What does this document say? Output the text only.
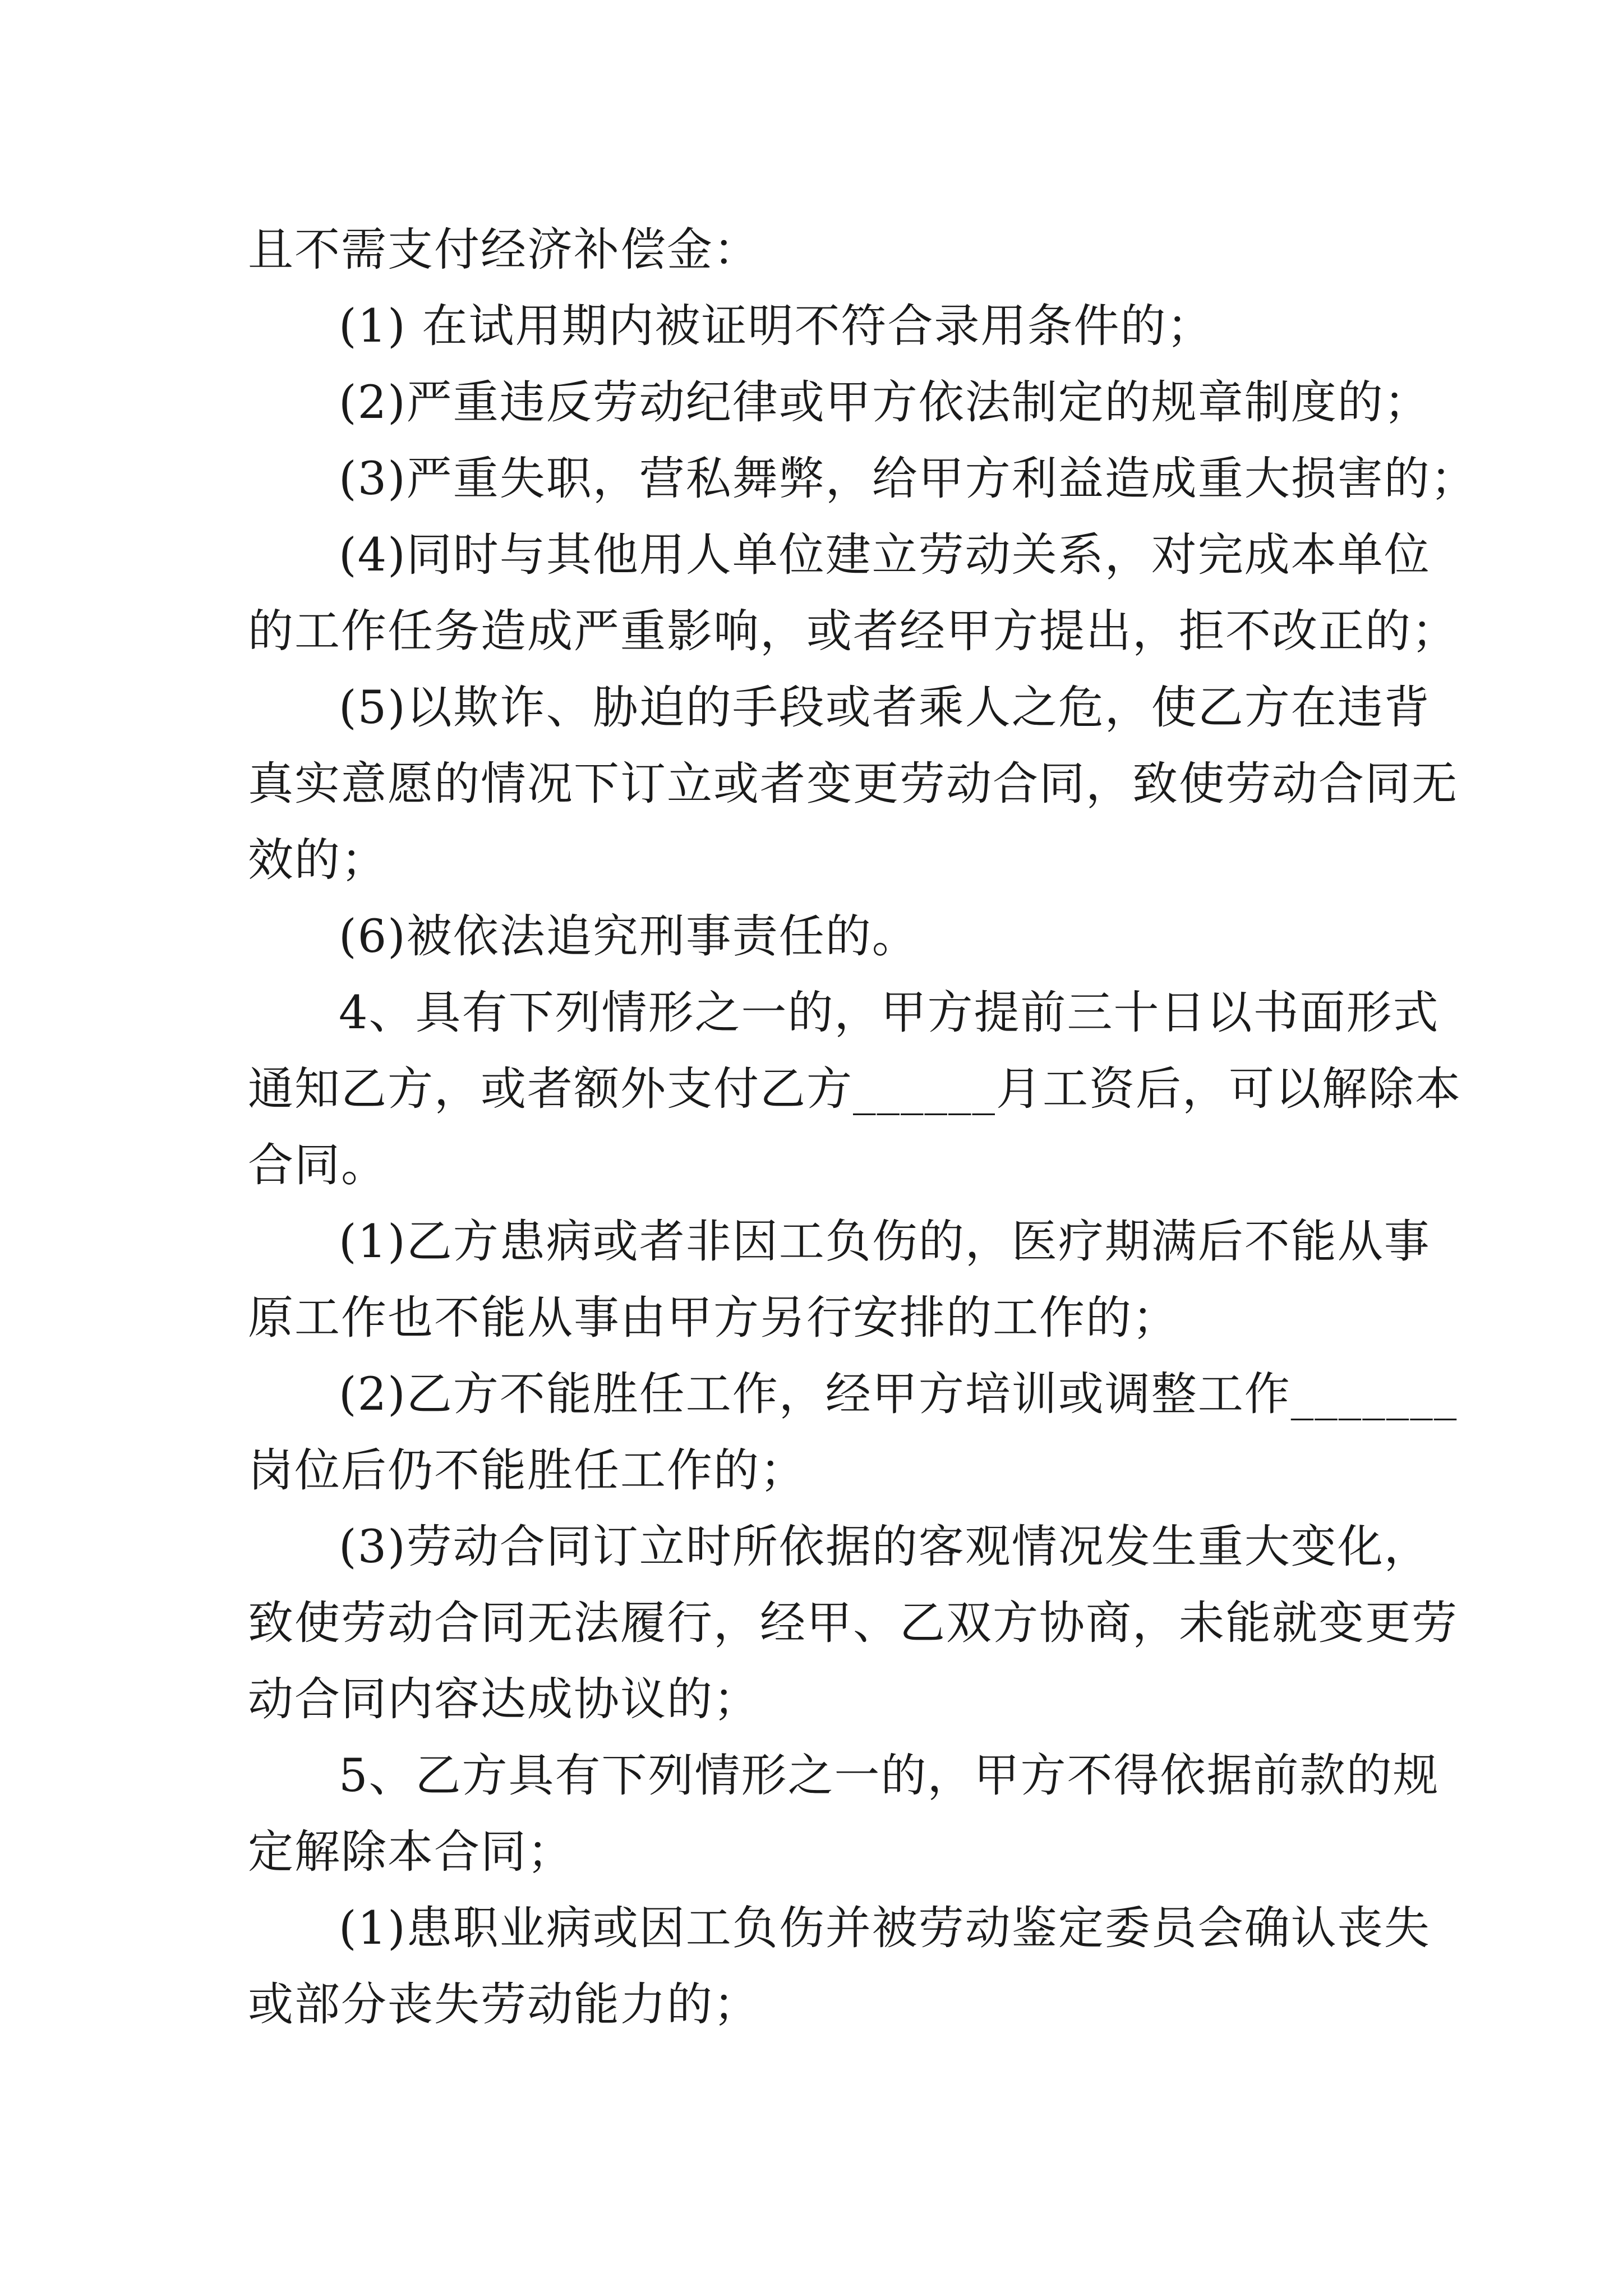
且不需支付经济补偿金：
(1) 在试用期内被证明不符合录用条件的；
(2)严重违反劳动纪律或甲方依法制定的规章制度的；
(3)严重失职，营私舞弊，给甲方利益造成重大损害的；
(4)同时与其他用人单位建立劳动关系，对完成本单位
的工作任务造成严重影响，或者经甲方提出，拒不改正的；
(5)以欺诈、胁迫的手段或者乘人之危，使乙方在违背
真实意愿的情况下订立或者变更劳动合同，致使劳动合同无
效的；
(6)被依法追究刑事责任的。
4、具有下列情形之一的，甲方提前三十日以书面形式
通知乙方，或者额外支付乙方______月工资后，可以解除本
合同。
(1)乙方患病或者非因工负伤的，医疗期满后不能从事
原工作也不能从事由甲方另行安排的工作的；
(2)乙方不能胜任工作，经甲方培训或调整工作_______
岗位后仍不能胜任工作的；
(3)劳动合同订立时所依据的客观情况发生重大变化，
致使劳动合同无法履行，经甲、乙双方协商，未能就变更劳
动合同内容达成协议的；
5、乙方具有下列情形之一的，甲方不得依据前款的规
定解除本合同；
(1)患职业病或因工负伤并被劳动鉴定委员会确认丧失
或部分丧失劳动能力的；
